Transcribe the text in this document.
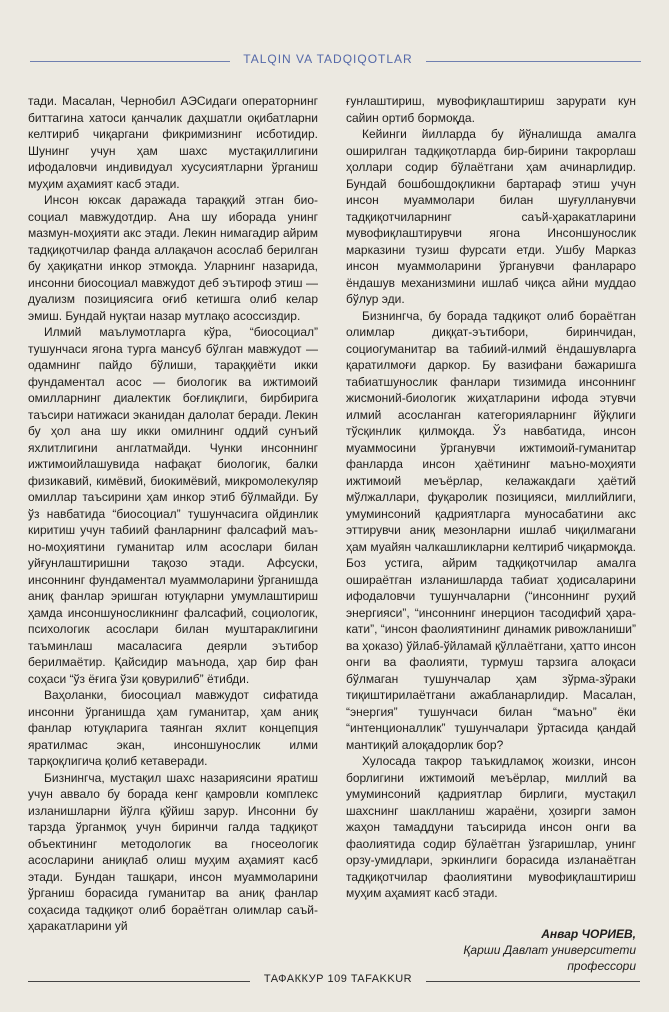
TALQIN VA TADQIQOTLAR

тади. Масалан, Чернобил АЭСидаги операторнинг биттагина хатоси қанчалик даҳшатли оқибатларни келтириб чиқаргани фикримизнинг исботидир. Шунинг учун ҳам шахс мустақиллигини ифодаловчи индивидуал хусусиятларни ўрганиш муҳим аҳамият касб этади.

Инсон юксак даражада тараққий этган биосоциал мавжудотдир. Ана шу иборада унинг мазмун-моҳияти акс этади. Лекин нимагадир айрим тадқиқотчилар фанда аллақачон асослаб берилган бу ҳақиқатни инкор этмоқда. Уларнинг назарида, инсонни биосоциал мавжудот деб эътироф этиш — дуализм позициясига оғиб кетишга олиб келар эмиш. Бундай нуқтаи назар мутлақо асоссиздир.

Илмий маълумотларга кўра, “биосоциал” тушунчаси ягона турга мансуб бўлган мавжудот — одамнинг пайдо бўлиши, тараққиёти икки фундаментал асос — биологик ва ижтимоий омилларнинг диалектик боғлиқлиги, бирбирига таъсири натижаси эканидан далолат беради. Лекин бу ҳол ана шу икки омилнинг оддий сунъий яхлитлигини англатмайди. Чунки инсоннинг ижтимоийлашувида нафақат биологик, балки физикавий, кимёвий, биокимёвий, микромолекуляр омиллар таъсирини ҳам инкор этиб бўлмайди. Бу ўз навбатида “биосоциал” тушунчасига ойдинлик киритиш учун табиий фанларнинг фалсафий маъно-моҳиятини гуманитар илм асослари билан уйғунлаштиришни тақозо этади. Афсуски, инсоннинг фундаментал муаммоларини ўрганишда аниқ фанлар эришган ютуқларни умумлаштириш ҳамда инсоншуносликнинг фалсафий, социологик, психологик асослари билан муштараклигини таъминлаш масаласига деярли эътибор берилмаётир. Қайсидир маънода, ҳар бир фан соҳаси “ўз ёғига ўзи қовурилиб” ётибди.

Ваҳоланки, биосоциал мавжудот сифатида инсонни ўрганишда ҳам гуманитар, ҳам аниқ фанлар ютуқларига таянган яхлит концепция яратилмас экан, инсоншунослик илми тарқоқлигича қолиб кетаверади.

Бизнингча, мустақил шахс назариясини яратиш учун аввало бу борада кенг қамровли комплекс изланишларни йўлга қўйиш зарур. Инсонни бу тарзда ўрганмоқ учун биринчи галда тадқиқот объектининг методологик ва гносеологик асосларини аниқлаб олиш муҳим аҳамият касб этади. Бундан ташқари, инсон муаммоларини ўрганиш борасида гуманитар ва аниқ фанлар соҳасида тадқиқот олиб бораётган олимлар саъй-ҳаракатларини уй

ғунлаштириш, мувофиқлаштириш зарурати кун сайин ортиб бормоқда.

Кейинги йилларда бу йўналишда амалга оширилган тадқиқотларда бир-бирини такрорлаш ҳоллари содир бўлаётгани ҳам ачинарлидир. Бундай бошбошдоқликни бартараф этиш учун инсон муаммолари билан шуғулланувчи тадқиқотчиларнинг саъй-ҳаракатларини мувофиқлаштирувчи ягона Инсоншунослик марказини тузиш фурсати етди. Ушбу Марказ инсон муаммоларини ўрганувчи фанлараро ёндашув механизмини ишлаб чиқса айни муддао бўлур эди.

Бизнингча, бу борада тадқиқот олиб бораётган олимлар диққат-эътибори, биринчидан, социогуманитар ва табиий-илмий ёндашувларга қаратилмоғи даркор. Бу вазифани бажаришга табиатшунослик фанлари тизимида инсоннинг жисмоний-биологик жиҳатларини ифода этувчи илмий асосланган категорияларнинг йўқлиги тўсқинлик қилмоқда. Ўз навбатида, инсон муаммосини ўрганувчи ижтимоий-гуманитар фанларда инсон ҳаётининг маъно-моҳияти ижтимоий меъёрлар, келажакдаги ҳаётий мўлжаллари, фуқаролик позицияси, миллийлиги, умуминсоний қадриятларга муносабатини акс эттирувчи аниқ мезонларни ишлаб чиқилмагани ҳам муайян чалкашликларни келтириб чиқармоқда. Боз устига, айрим тадқиқотчилар амалга ошираётган изланишларда табиат ҳодисаларини ифодаловчи тушунчаларни (“инсоннинг руҳий энергияси”, “инсоннинг инерцион тасодифий ҳаракати”, “инсон фаолиятининг динамик ривожланиши” ва ҳоказо) ўйлаб-ўйламай қўллаётгани, ҳатто инсон онги ва фаолияти, турмуш тарзига алоқаси бўлмаган тушунчалар ҳам зўрма-зўраки тиқиштирилаётгани ажабланарлидир. Масалан, “энергия” тушунчаси билан “маъно” ёки “интенционаллик” тушунчалари ўртасида қандай мантиқий алоқадорлик бор?

Хулосада такрор таъкидламоқ жоизки, инсон борлигини ижтимоий меъёрлар, миллий ва умуминсоний қадриятлар бирлиги, мустақил шахснинг шаклланиш жараёни, ҳозирги замон жаҳон тамаддуни таъсирида инсон онги ва фаолиятида содир бўлаётган ўзгаришлар, унинг орзу-умидлари, эркинлиги борасида изланаётган тадқиқотчилар фаолиятини мувофиқлаштириш муҳим аҳамият касб этади.

Анвар ЧОРИЕВ,
Қарши Давлат университети
профессори
ТАФАККУР 109 TAFAKKUR
